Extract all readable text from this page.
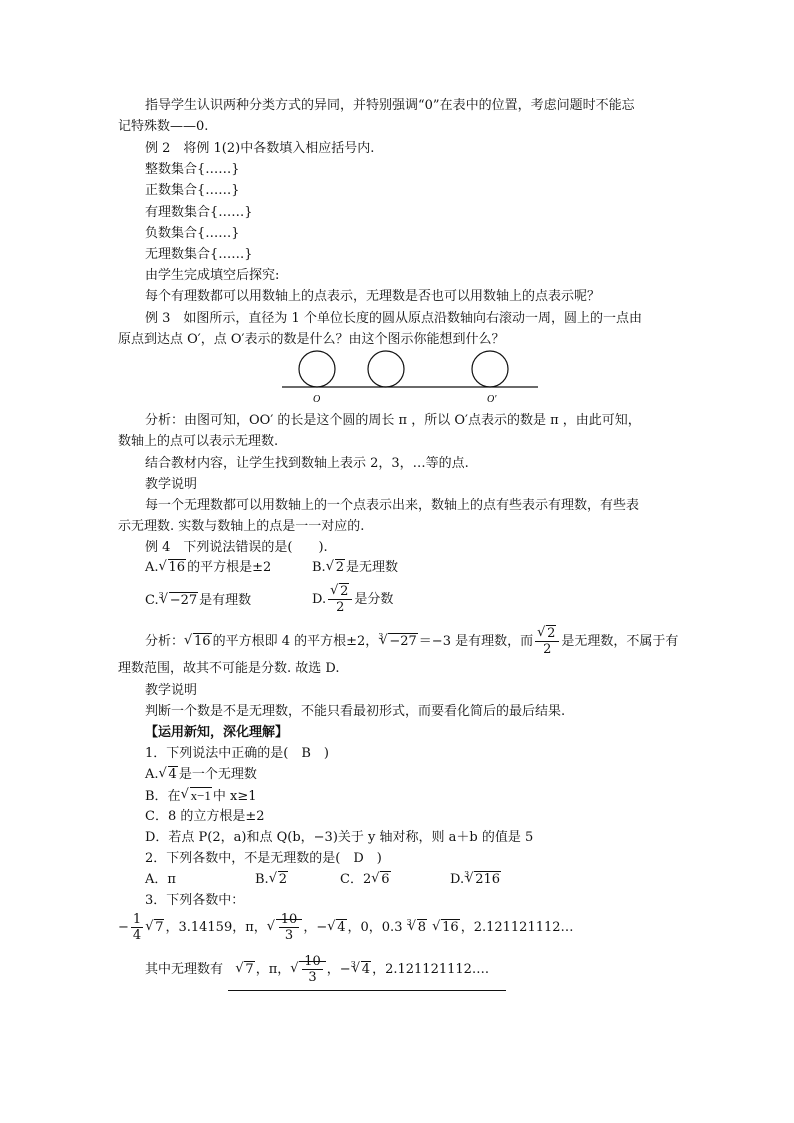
指导学生认识两种分类方式的异同，并特别强调“0”在表中的位置，考虑问题时不能忘
记特殊数——0.
例 2　将例 1(2)中各数填入相应括号内.
整数集合{……}
正数集合{……}
有理数集合{……}
负数集合{……}
无理数集合{……}
由学生完成填空后探究:
每个有理数都可以用数轴上的点表示，无理数是否也可以用数轴上的点表示呢？
例 3　如图所示，直径为 1 个单位长度的圆从原点沿数轴向右滚动一周，圆上的一点由
原点到达点 O′，点 O′表示的数是什么？由这个图示你能想到什么？
O	O′
分析：由图可知，OO′ 的长是这个圆的周长 π ，所以 O′点表示的数是 π ，由此可知，
数轴上的点可以表示无理数.
结合教材内容，让学生找到数轴上表示 2，3，…等的点.
教学说明
每一个无理数都可以用数轴上的一个点表示出来，数轴上的点有些表示有理数，有些表
示无理数. 实数与数轴上的点是一一对应的.
例 4　下列说法错误的是(　　).
A. √ 16 的平方根是±2	B. √ 2 是无理数
C.$^3$ √ −27 是有理数	D. √ $\frac{2}{2}$ 是分数
分析： √ 16 的平方根即 4 的平方根±2，$^3$ √ −27 ＝−3 是有理数，而 √ $\frac{2}{2}$ 是无理数，不属于有
理数范围，故其不可能是分数. 故选 D.
教学说明
判断一个数是不是无理数，不能只看最初形式，而要看化简后的最后结果.
【运用新知，深化理解】
1．下列说法中正确的是(　B　)
A. √ 4 是一个无理数
B．在 √ x−1 中 x≥1
C．8 的立方根是±2
D．若点 P(2，a)和点 Q(b，−3)关于 y 轴对称，则 a＋b 的值是 5
2．下列各数中，不是无理数的是(　D　)
A．π	B. √ 2	C．2 √ 6	D.$^3$ √ 216
3．下列各数中：
− $\frac{1}{4}$ √ 7 ，3.14159，π， √ $\frac{10}{3}$ ，− √ 4 ，0，0.3 $^3$ √ 8 √ 16 ，2.121121112…
其中无理数有 √ 7 ，π， √ $\frac{10}{3}$ ，−$^3$ √ 4 ，2.121121112….
